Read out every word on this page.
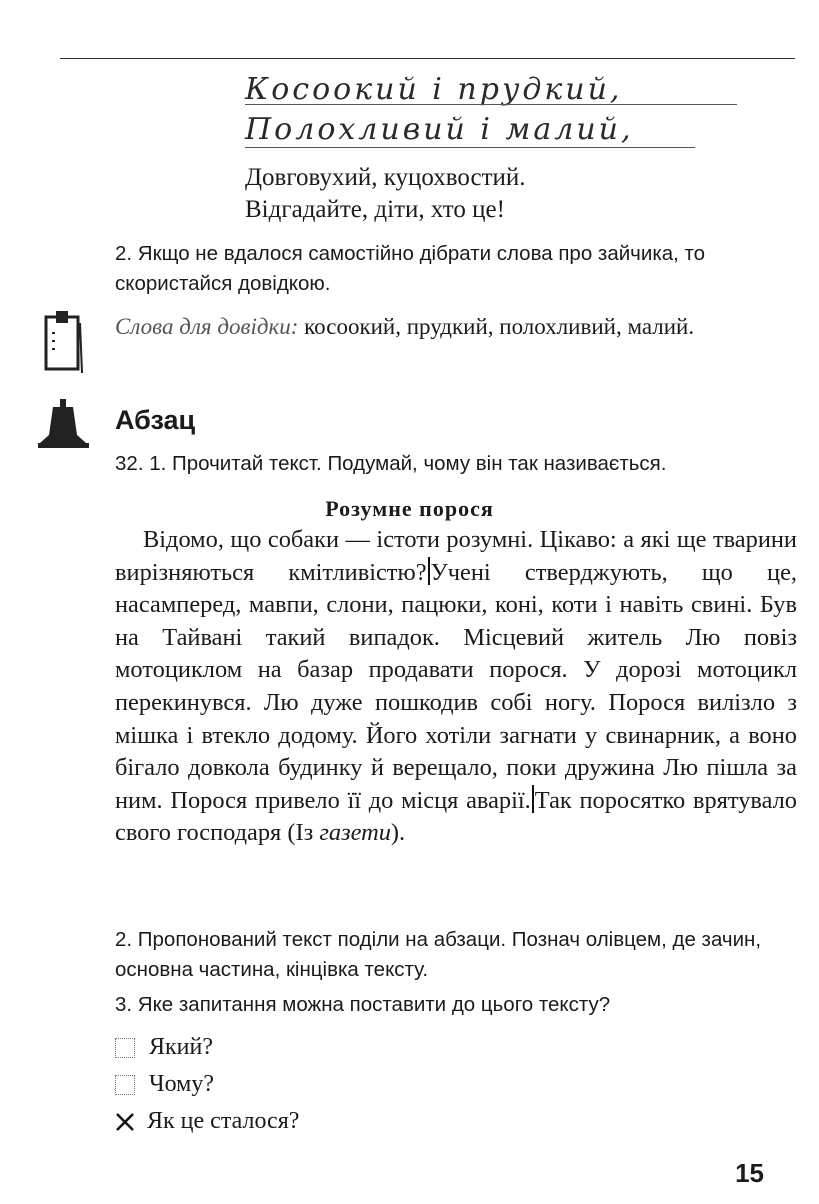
Косоокий і прудкий,
Полохливий і малий,
Довговухий, куцохвостий.
Відгадайте, діти, хто це!
2. Якщо не вдалося самостійно дібрати слова про зайчика, то скористайся довідкою.
Слова для довідки: косоокий, прудкий, полохливий, малий.
Абзац
32. 1. Прочитай текст. Подумай, чому він так називається.
Розумне порося

Відомо, що собаки — істоти розумні. Цікаво: а які ще тварини вирізняються кмітливістю? Учені стверджують, що це, насамперед, мавпи, слони, пацюки, коні, коти і навіть свині. Був на Тайвані такий випадок. Місцевий житель Лю повіз мотоциклом на базар продавати порося. У дорозі мотоцикл перекинувся. Лю дуже пошкодив собі ногу. Порося вилізло з мішка і втекло додому. Його хотіли загнати у свинарник, а воно бігало довкола будинку й верещало, поки дружина Лю пішла за ним. Порося привело її до місця аварії. Так поросятко врятувало свого господаря (Із газети).

2. Пропонований текст поділи на абзаци. Познач олівцем, де зачин, основна частина, кінцівка тексту.
3. Яке запитання можна поставити до цього тексту?
Який?
Чому?
Як це сталося?
15
